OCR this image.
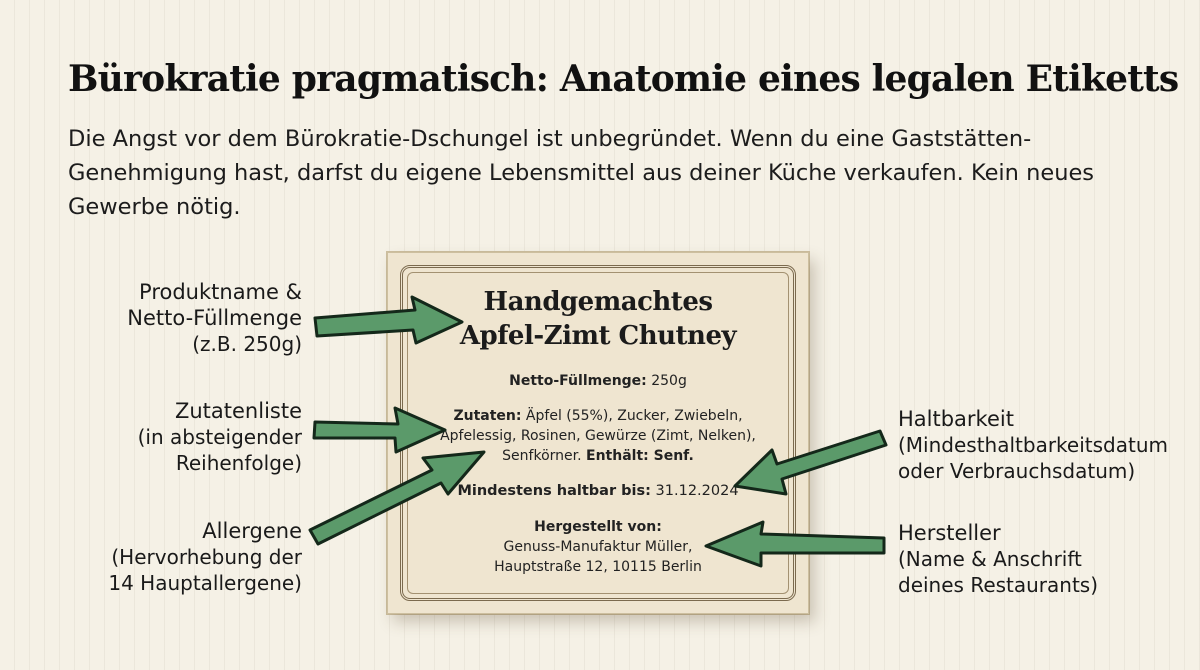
Bürokratie pragmatisch: Anatomie eines legalen Etiketts

Die Angst vor dem Bürokratie-Dschungel ist unbegründet. Wenn du eine Gaststätten-Genehmigung hast, darfst du eigene Lebensmittel aus deiner Küche verkaufen. Kein neues Gewerbe nötig.

Produktname &
Netto-Füllmenge
(z.B. 250g)
Zutatenliste
(in absteigender
Reihenfolge)
Allergene
(Hervorhebung der
14 Hauptallergene)
Haltbarkeit
(Mindesthaltbarkeitsdatum
oder Verbrauchsdatum)
Hersteller
(Name & Anschrift
deines Restaurants)
Handgemachtes
Apfel-Zimt Chutney

Netto-Füllmenge: 250g

Zutaten: Äpfel (55%), Zucker, Zwiebeln,
Apfelessig, Rosinen, Gewürze (Zimt, Nelken),
Senfkörner. Enthält: Senf.

Mindestens haltbar bis: 31.12.2024

Hergestellt von:
Genuss-Manufaktur Müller,
Hauptstraße 12, 10115 Berlin
